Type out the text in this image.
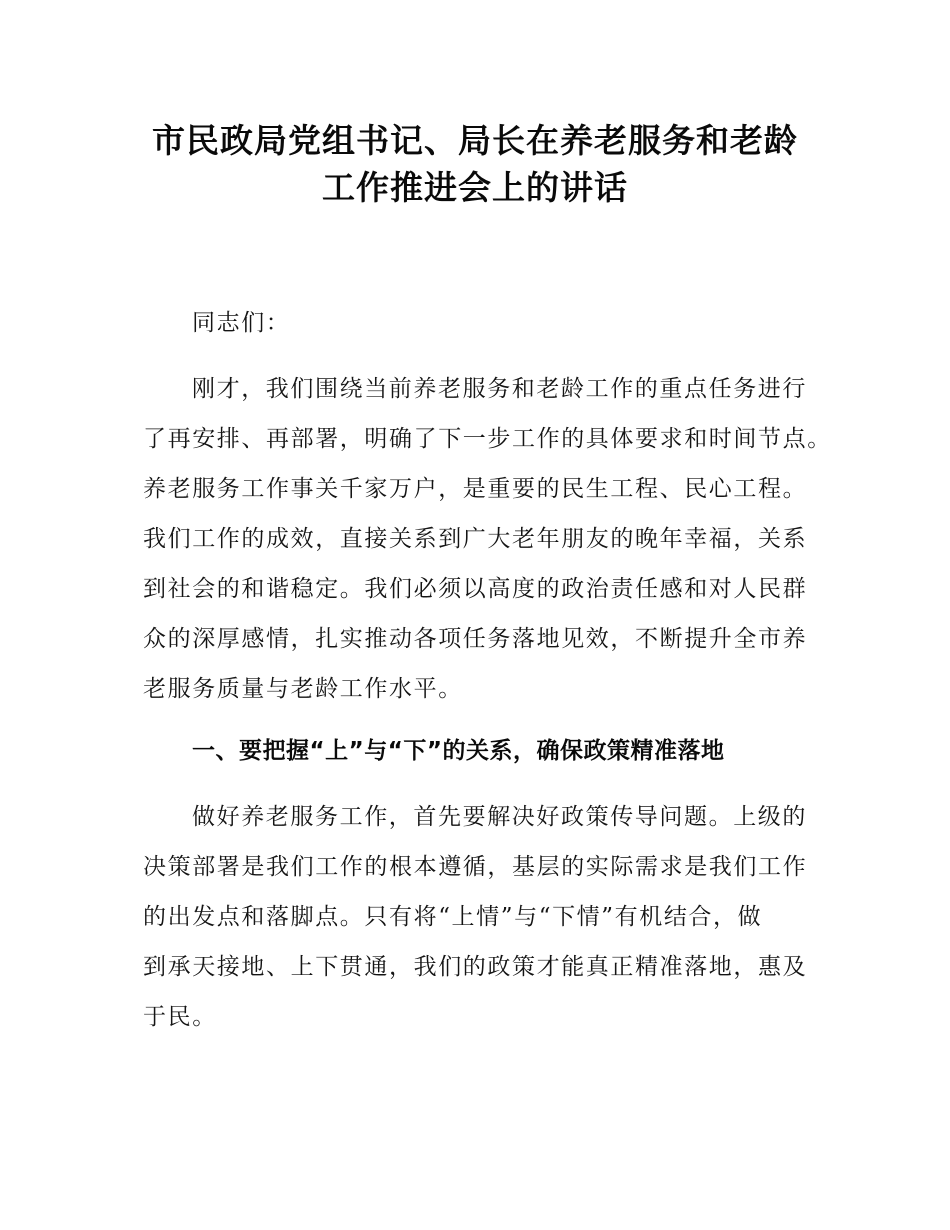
市民政局党组书记、局长在养老服务和老龄
工作推进会上的讲话
同志们：
刚才，我们围绕当前养老服务和老龄工作的重点任务进行
了再安排、再部署，明确了下一步工作的具体要求和时间节点。
养老服务工作事关千家万户，是重要的民生工程、民心工程。
我们工作的成效，直接关系到广大老年朋友的晚年幸福，关系
到社会的和谐稳定。我们必须以高度的政治责任感和对人民群
众的深厚感情，扎实推动各项任务落地见效，不断提升全市养
老服务质量与老龄工作水平。
一、要把握“上”与“下”的关系，确保政策精准落地
做好养老服务工作，首先要解决好政策传导问题。上级的
决策部署是我们工作的根本遵循，基层的实际需求是我们工作
的出发点和落脚点。只有将“上情”与“下情”有机结合，做
到承天接地、上下贯通，我们的政策才能真正精准落地，惠及
于民。
